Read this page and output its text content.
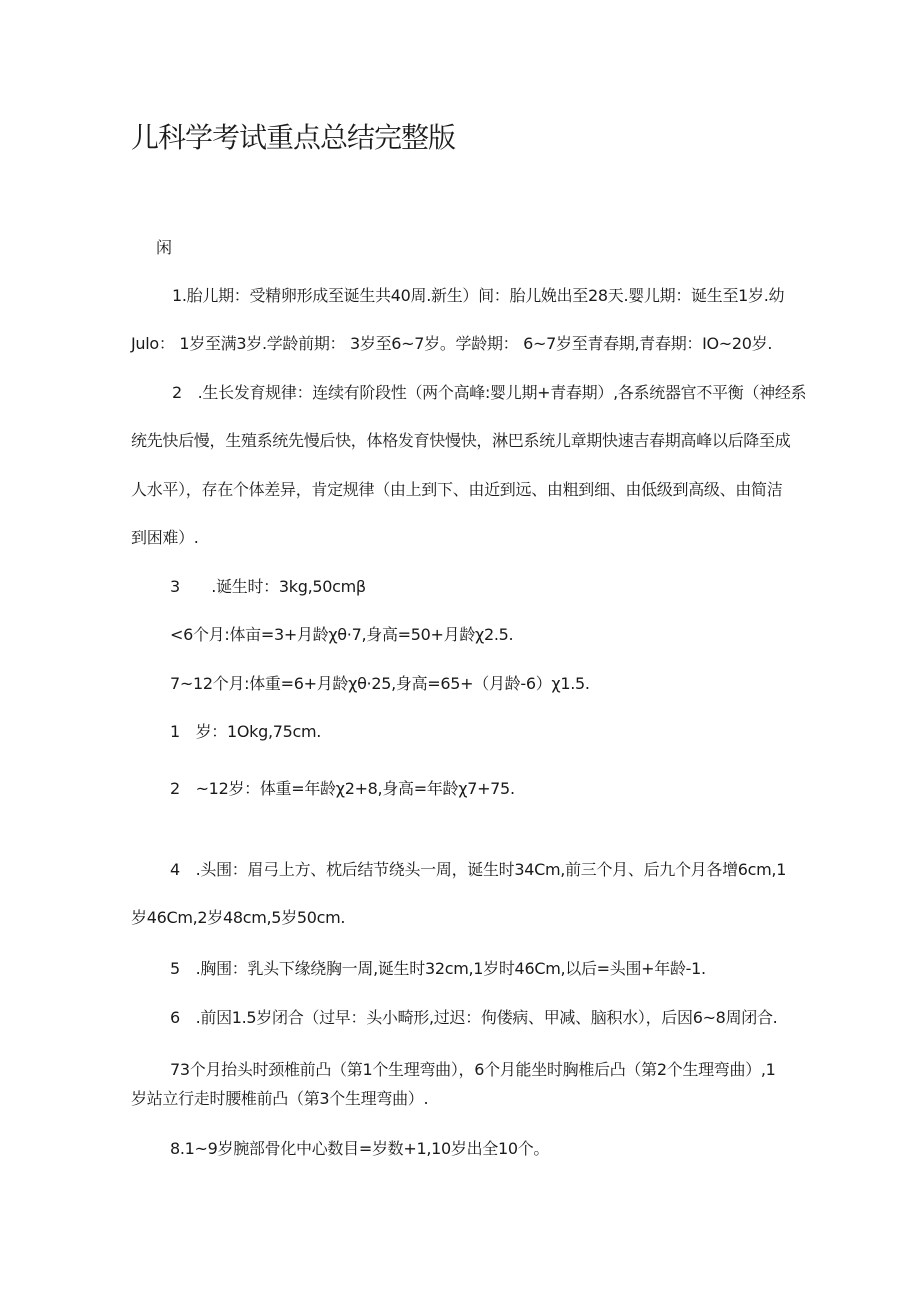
儿科学考试重点总结完整版
闲
1.胎儿期：受精卵形成至诞生共40周.新生）间：胎儿娩出至28天.婴儿期：诞生至1岁.幼
Julo： 1岁至满3岁.学龄前期： 3岁至6~7岁。学龄期： 6~7岁至青春期,青春期：IO~20岁.
2　.生长发育规律：连续有阶段性（两个高峰:婴儿期+青春期）,各系统器官不平衡（神经系
统先快后慢，生殖系统先慢后快，体格发育快慢快，淋巴系统儿章期快速吉春期高峰以后降至成
人水平），存在个体差异，肯定规律（由上到下、由近到远、由粗到细、由低级到高级、由简洁
到困难）.
3　　.诞生时：3kg,50cmβ
<6个月:体亩=3+月龄χθ·7,身高=50+月龄χ2.5.
7~12个月:体重=6+月龄χθ·25,身高=65+（月龄-6）χ1.5.
1　岁：1Okg,75cm.
2　~12岁：体重=年龄χ2+8,身高=年龄χ7+75.
4　.头围：眉弓上方、枕后结节绕头一周，诞生时34Cm,前三个月、后九个月各增6cm,1
岁46Cm,2岁48cm,5岁50cm.
5　.胸围：乳头下缘绕胸一周,诞生时32cm,1岁时46Cm,以后=头围+年龄-1.
6　.前因1.5岁闭合（过早：头小畸形,过迟：佝偻病、甲减、脑积水），后因6~8周闭合.
73个月抬头时颈椎前凸（第1个生理弯曲），6个月能坐时胸椎后凸（第2个生理弯曲）,1
岁站立行走时腰椎前凸（第3个生理弯曲）.
8.1~9岁腕部骨化中心数目=岁数+1,10岁出全10个。
